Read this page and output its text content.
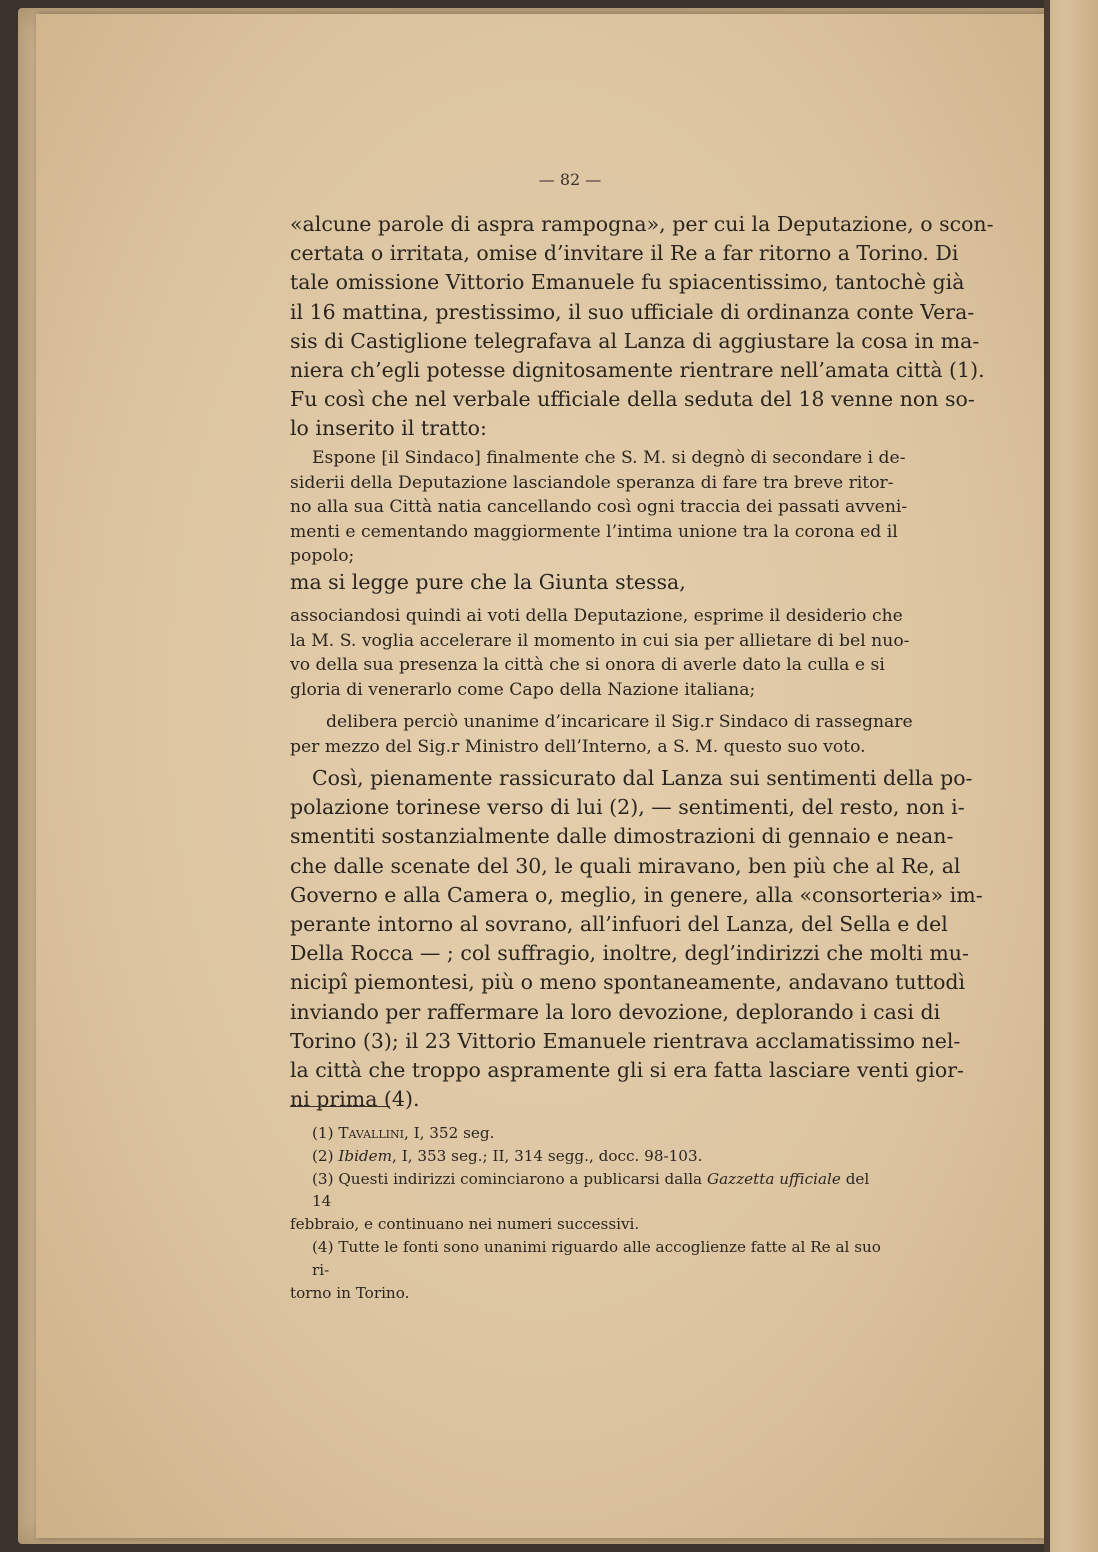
— 82 —
«alcune parole di aspra rampogna», per cui la Deputazione, o scon-
certata o irritata, omise d’invitare il Re a far ritorno a Torino. Di
tale omissione Vittorio Emanuele fu spiacentissimo, tantochè già
il 16 mattina, prestissimo, il suo ufficiale di ordinanza conte Vera-
sis di Castiglione telegrafava al Lanza di aggiustare la cosa in ma-
niera ch’egli potesse dignitosamente rientrare nell’amata città (1).
Fu così che nel verbale ufficiale della seduta del 18 venne non so-
lo inserito il tratto:
Espone [il Sindaco] finalmente che S. M. si degnò di secondare i de-
siderii della Deputazione lasciandole speranza di fare tra breve ritor-
no alla sua Città natia cancellando così ogni traccia dei passati avveni-
menti e cementando maggiormente l’intima unione tra la corona ed il
popolo;
ma si legge pure che la Giunta stessa,
associandosi quindi ai voti della Deputazione, esprime il desiderio che
la M. S. voglia accelerare il momento in cui sia per allietare di bel nuo-
vo della sua presenza la città che si onora di averle dato la culla e si
gloria di venerarlo come Capo della Nazione italiana;
delibera perciò unanime d’incaricare il Sig.r Sindaco di rassegnare
per mezzo del Sig.r Ministro dell’Interno, a S. M. questo suo voto.
Così, pienamente rassicurato dal Lanza sui sentimenti della po-
polazione torinese verso di lui (2), — sentimenti, del resto, non i-
smentiti sostanzialmente dalle dimostrazioni di gennaio e nean-
che dalle scenate del 30, le quali miravano, ben più che al Re, al
Governo e alla Camera o, meglio, in genere, alla «consorteria» im-
perante intorno al sovrano, all’infuori del Lanza, del Sella e del
Della Rocca — ; col suffragio, inoltre, degl’indirizzi che molti mu-
nicipî piemontesi, più o meno spontaneamente, andavano tuttodì
inviando per raffermare la loro devozione, deplorando i casi di
Torino (3); il 23 Vittorio Emanuele rientrava acclamatissimo nel-
la città che troppo aspramente gli si era fatta lasciare venti gior-
ni prima (4).
(1) Tavallini, I, 352 seg.
(2) Ibidem, I, 353 seg.; II, 314 segg., docc. 98-103.
(3) Questi indirizzi cominciarono a publicarsi dalla Gazzetta ufficiale del 14
febbraio, e continuano nei numeri successivi.
(4) Tutte le fonti sono unanimi riguardo alle accoglienze fatte al Re al suo ri-
torno in Torino.
